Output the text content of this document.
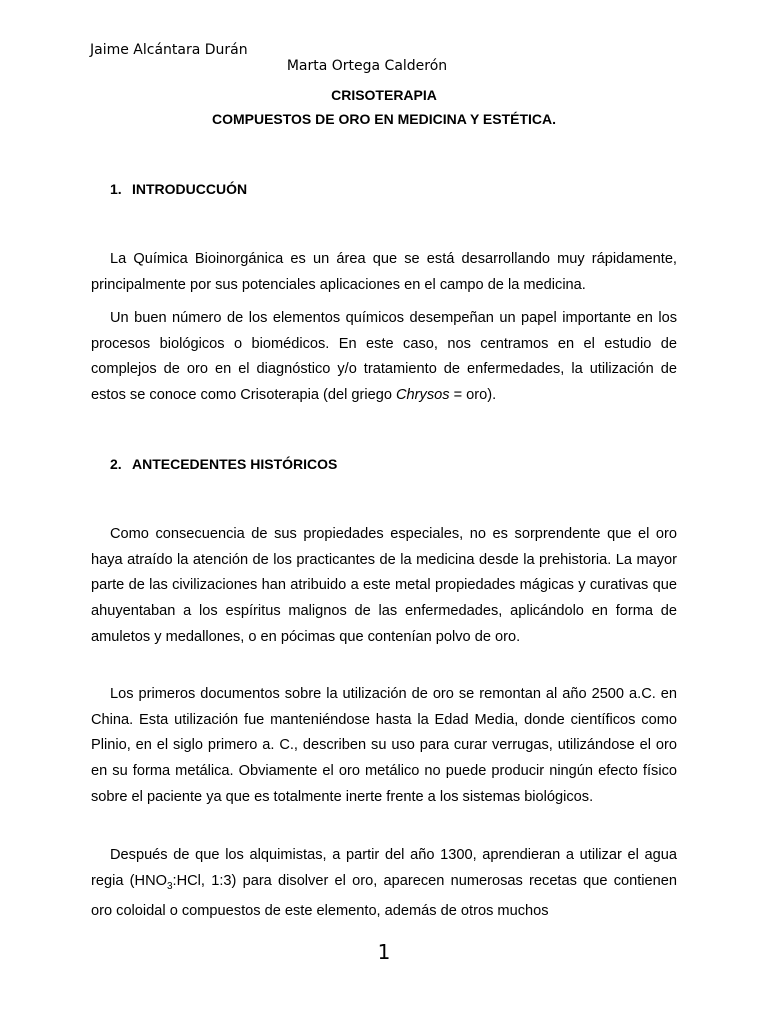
Jaime Alcántara Durán
Marta Ortega Calderón
CRISOTERAPIA
COMPUESTOS DE ORO EN MEDICINA Y ESTÉTICA.
1. INTRODUCCUÓN

La Química Bioinorgánica es un área que se está desarrollando muy rápidamente, principalmente por sus potenciales aplicaciones en el campo de la medicina.

Un buen número de los elementos químicos desempeñan un papel importante en los procesos biológicos o biomédicos. En este caso, nos centramos en el estudio de complejos de oro en el diagnóstico y/o tratamiento de enfermedades, la utilización de estos se conoce como Crisoterapia (del griego Chrysos = oro).

2. ANTECEDENTES HISTÓRICOS

Como consecuencia de sus propiedades especiales, no es sorprendente que el oro haya atraído la atención de los practicantes de la medicina desde la prehistoria. La mayor parte de las civilizaciones han atribuido a este metal propiedades mágicas y curativas que ahuyentaban a los espíritus malignos de las enfermedades, aplicándolo en forma de amuletos y medallones, o en pócimas que contenían polvo de oro.

Los primeros documentos sobre la utilización de oro se remontan al año 2500 a.C. en China. Esta utilización fue manteniéndose hasta la Edad Media, donde científicos como Plinio, en el siglo primero a. C., describen su uso para curar verrugas, utilizándose el oro en su forma metálica. Obviamente el oro metálico no puede producir ningún efecto físico sobre el paciente ya que es totalmente inerte frente a los sistemas biológicos.

Después de que los alquimistas, a partir del año 1300, aprendieran a utilizar el agua regia ($HNO_3:HCl$, 1:3) para disolver el oro, aparecen numerosas recetas que contienen oro coloidal o compuestos de este elemento, además de otros muchos

1
